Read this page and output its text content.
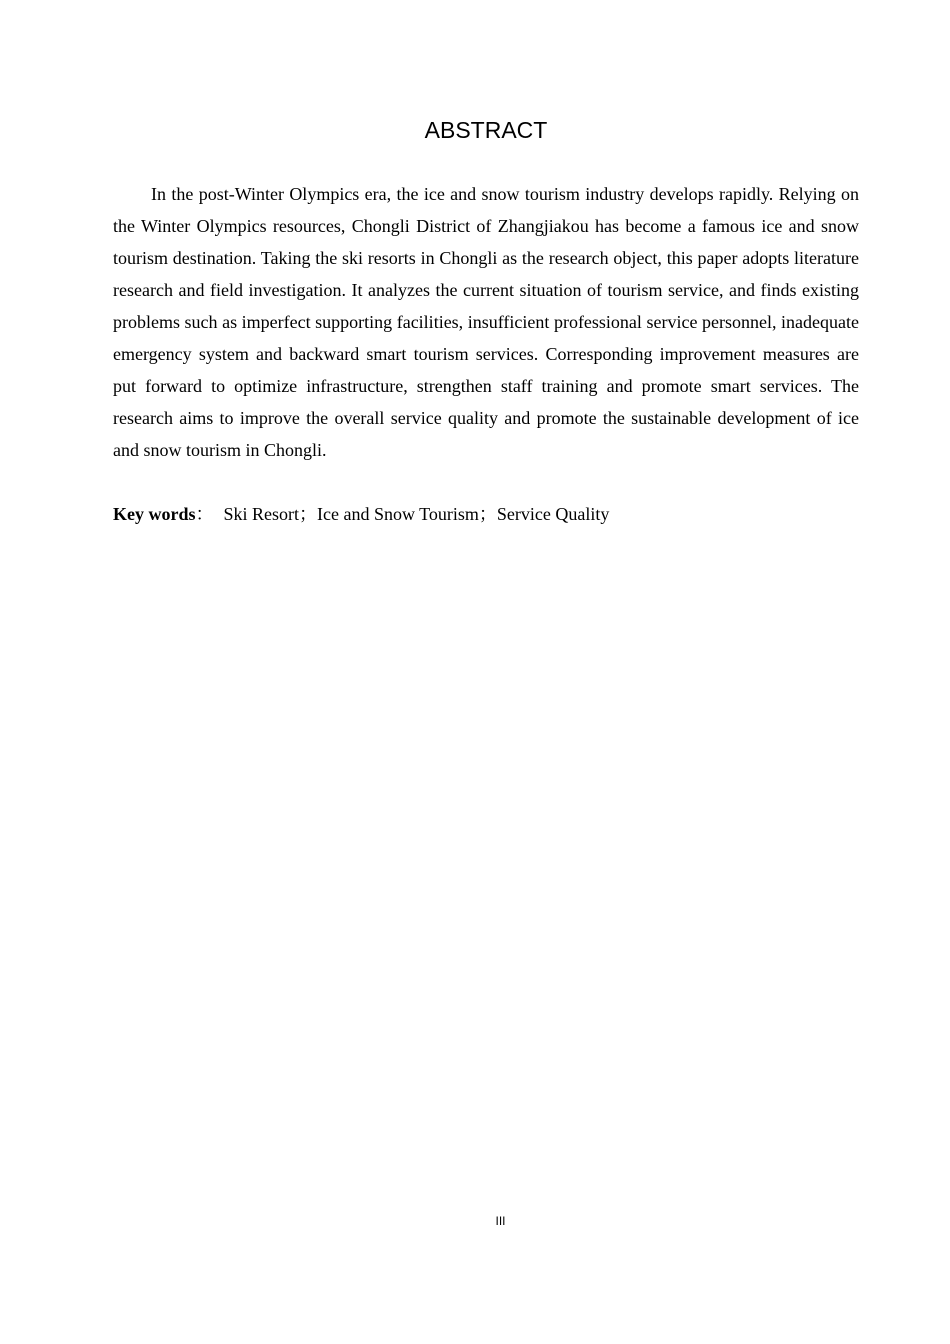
ABSTRACT

In the post-Winter Olympics era, the ice and snow tourism industry develops rapidly. Relying on the Winter Olympics resources, Chongli District of Zhangjiakou has become a famous ice and snow tourism destination. Taking the ski resorts in Chongli as the research object, this paper adopts literature research and field investigation. It analyzes the current situation of tourism service, and finds existing problems such as imperfect supporting facilities, insufficient professional service personnel, inadequate emergency system and backward smart tourism services. Corresponding improvement measures are put forward to optimize infrastructure, strengthen staff training and promote smart services. The research aims to improve the overall service quality and promote the sustainable development of ice and snow tourism in Chongli.

Key words： Ski Resort；Ice and Snow Tourism；Service Quality

III
